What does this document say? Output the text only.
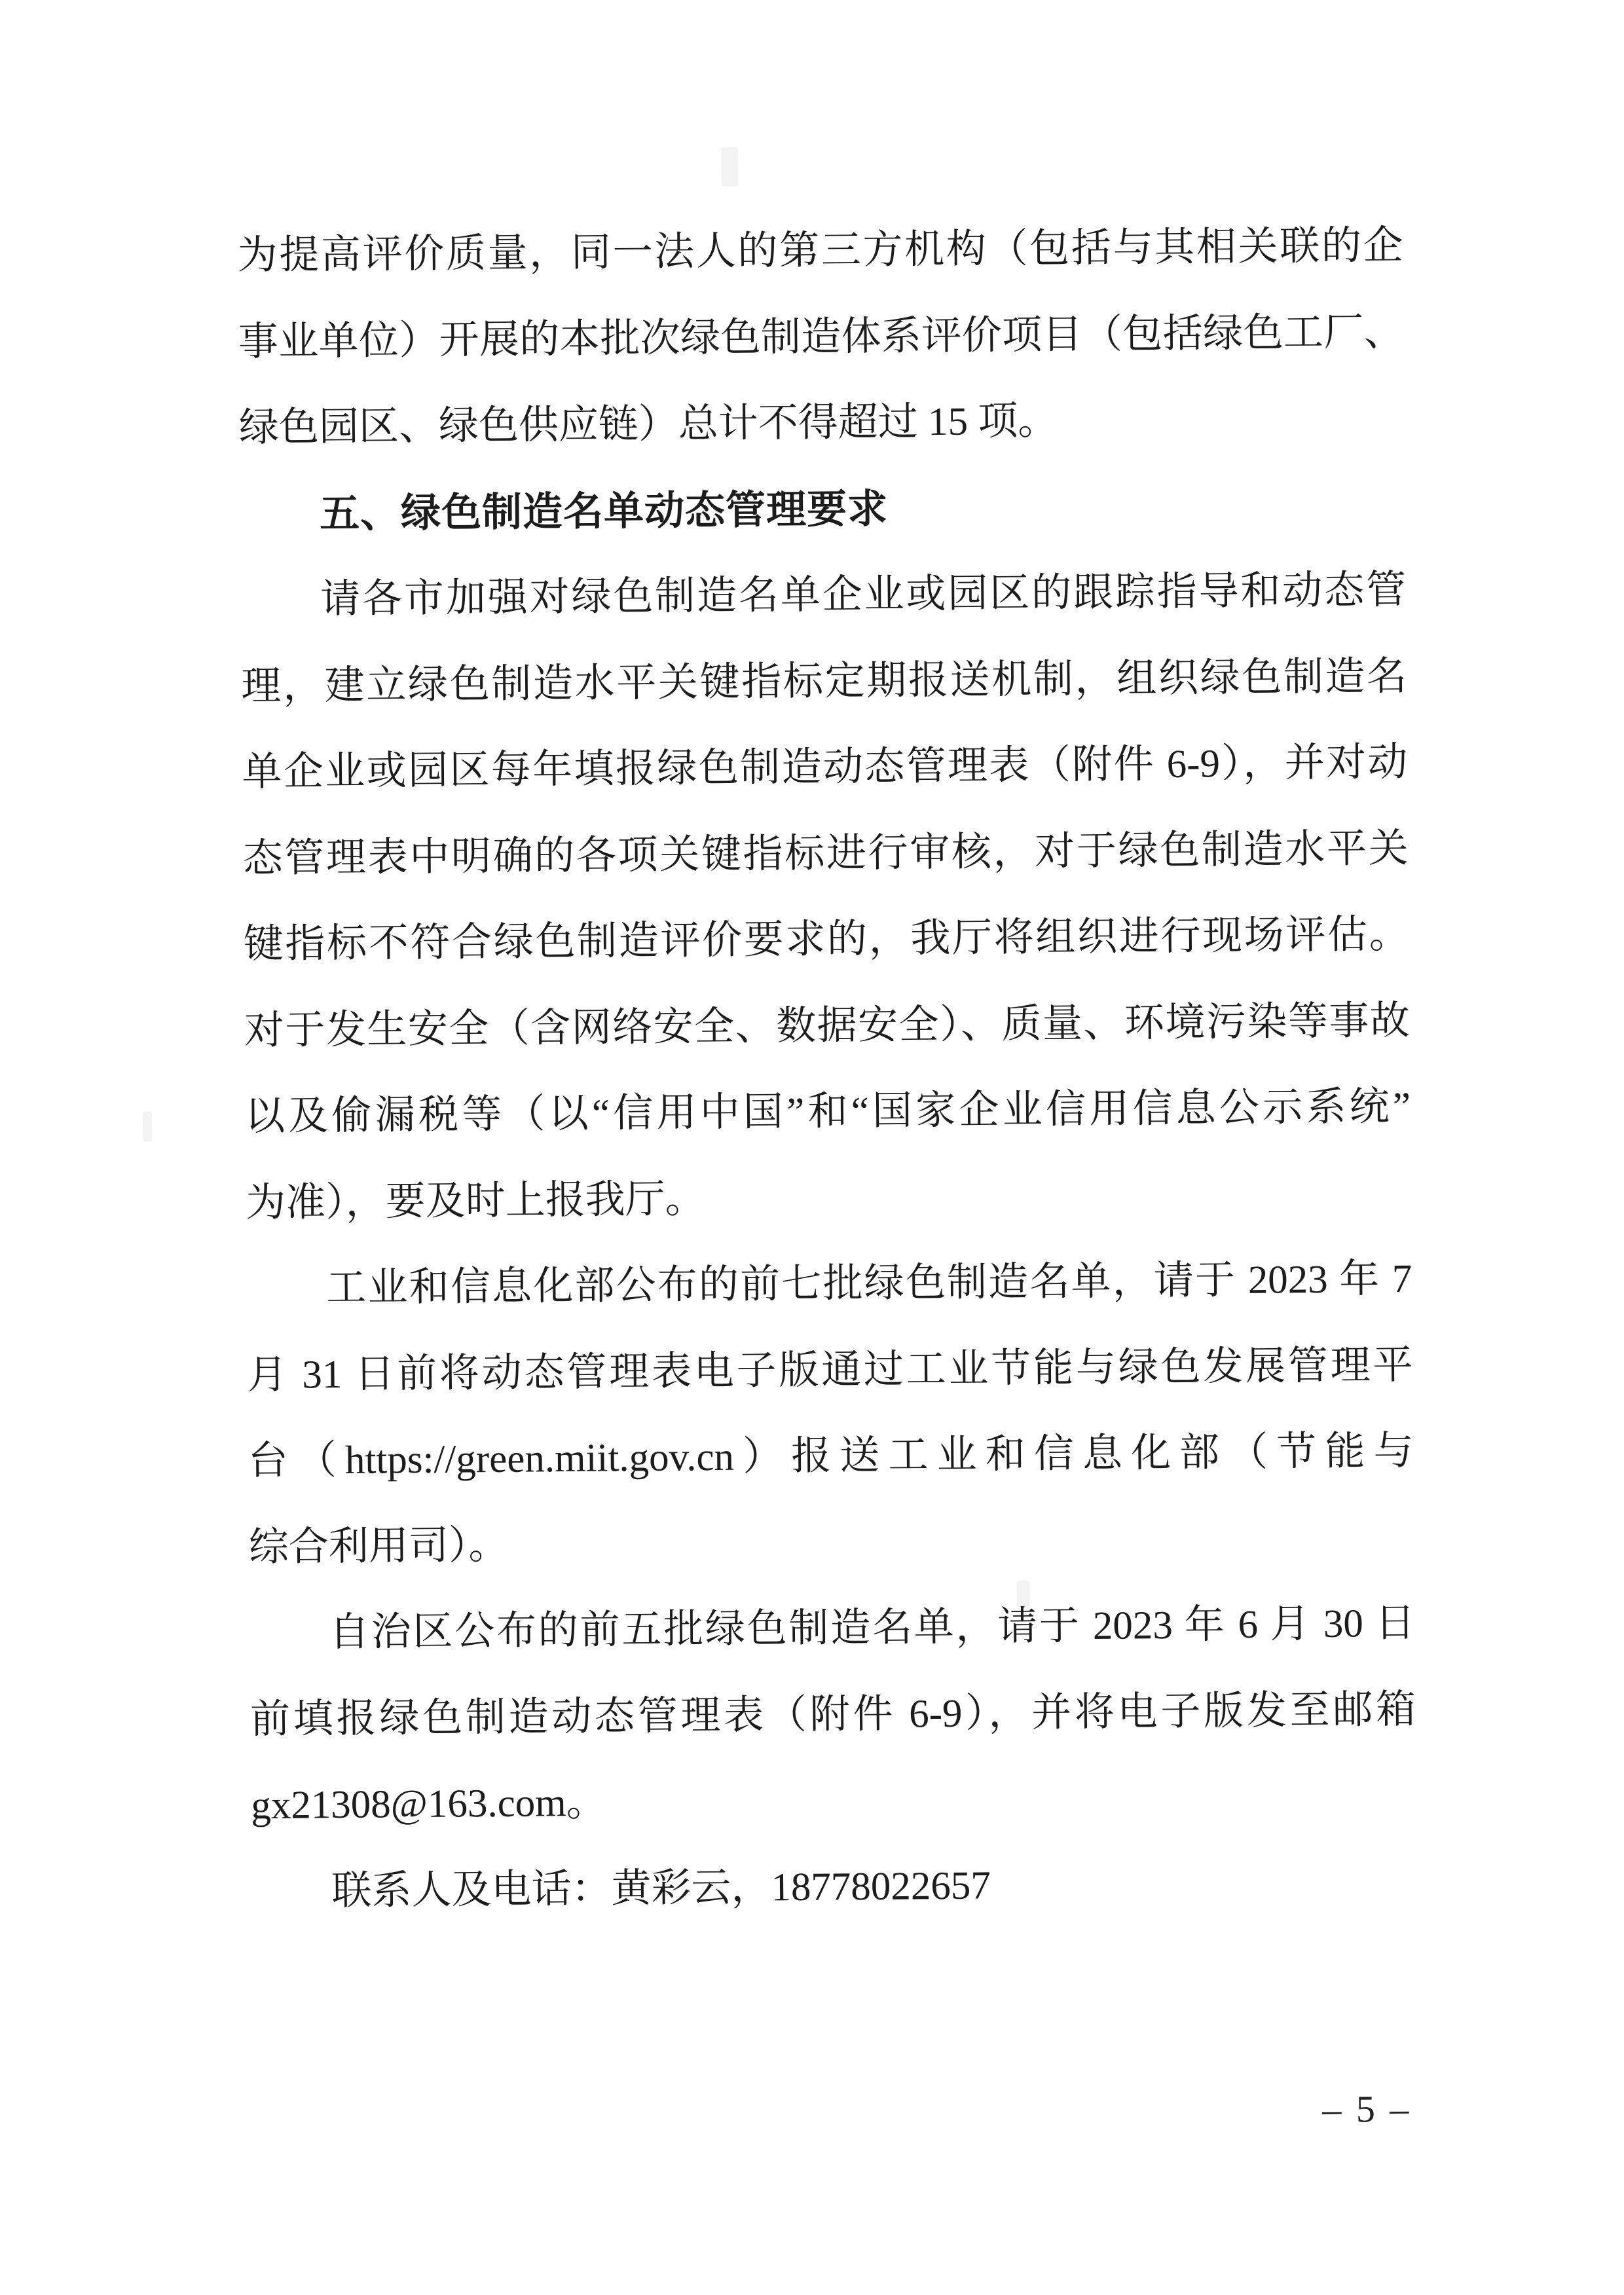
为提高评价质量，同一法人的第三方机构（包括与其相关联的企
事业单位）开展的本批次绿色制造体系评价项目（包括绿色工厂、
绿色园区、绿色供应链）总计不得超过 15 项。
五、绿色制造名单动态管理要求
请各市加强对绿色制造名单企业或园区的跟踪指导和动态管
理，建立绿色制造水平关键指标定期报送机制，组织绿色制造名
单企业或园区每年填报绿色制造动态管理表（附件 6-9），并对动
态管理表中明确的各项关键指标进行审核，对于绿色制造水平关
键指标不符合绿色制造评价要求的，我厅将组织进行现场评估。
对于发生安全（含网络安全、数据安全）、质量、环境污染等事故
以及偷漏税等（以“信用中国”和“国家企业信用信息公示系统”
为准），要及时上报我厅。
工业和信息化部公布的前七批绿色制造名单，请于 2023 年 7
月 31 日前将动态管理表电子版通过工业节能与绿色发展管理平
台（https://green.miit.gov.cn）报送工业和信息化部（节能与
综合利用司）。
自治区公布的前五批绿色制造名单，请于 2023 年 6 月 30 日
前填报绿色制造动态管理表（附件 6-9），并将电子版发至邮箱
gx21308@163.com。
联系人及电话：黄彩云，18778022657
– 5 –
